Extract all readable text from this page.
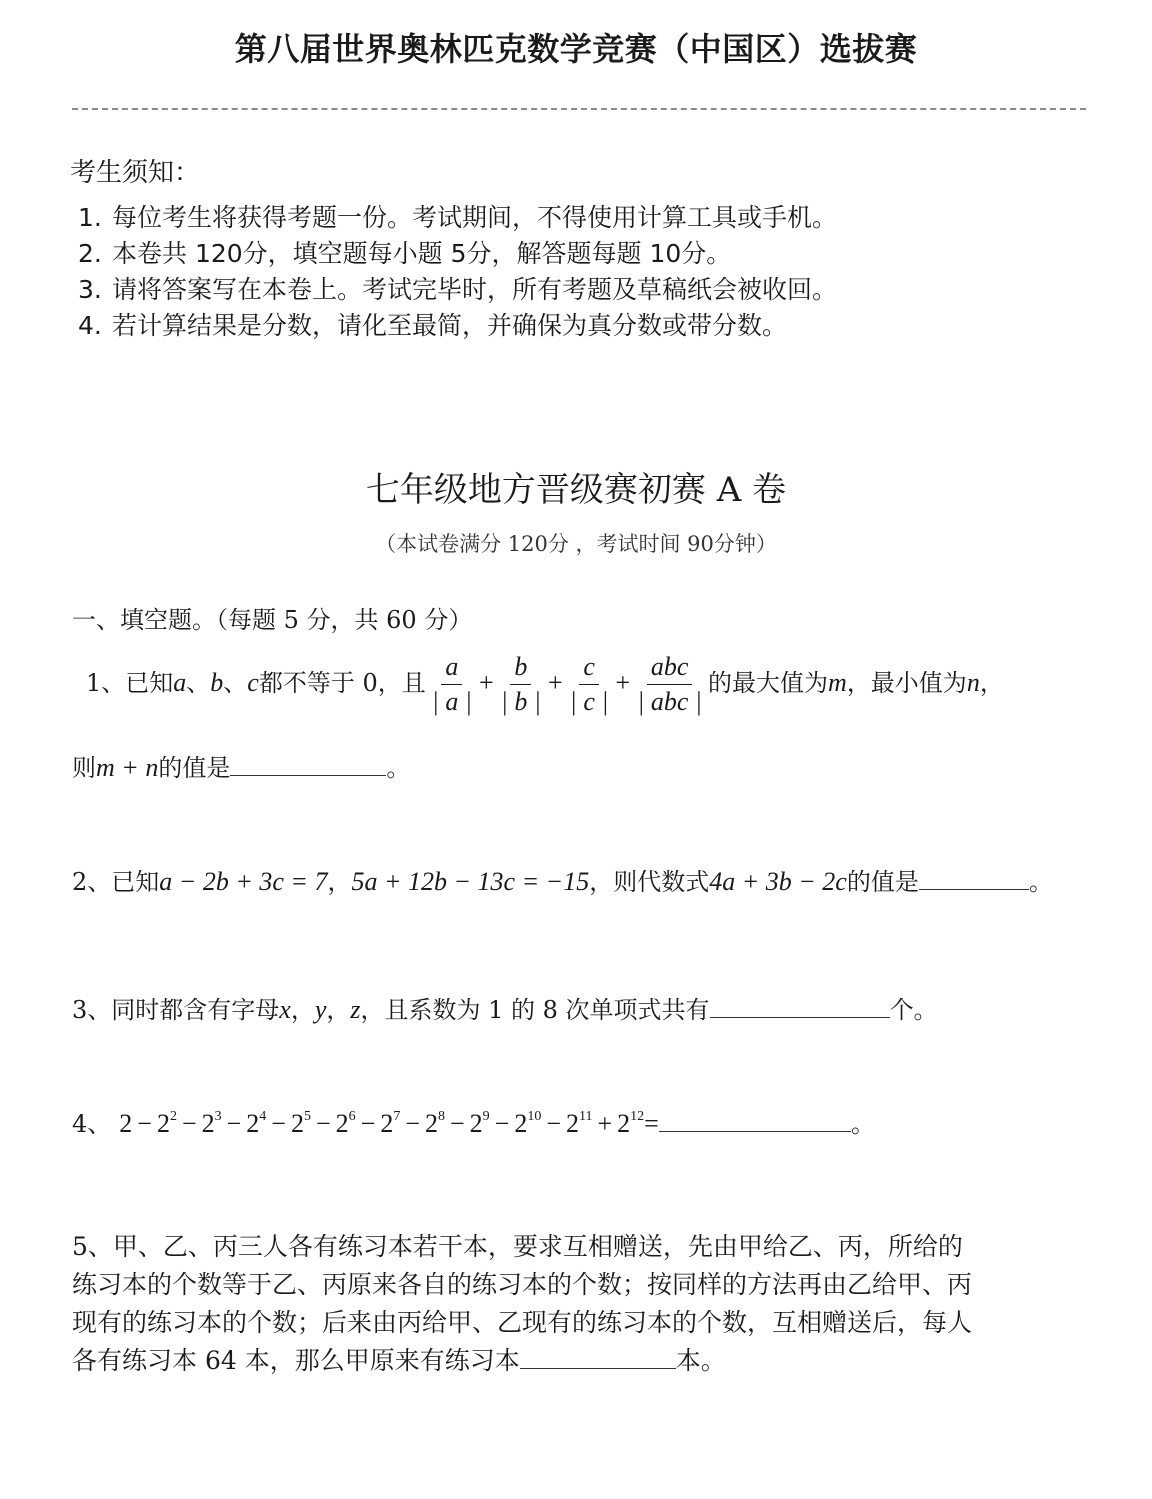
第八届世界奥林匹克数学竞赛（中国区）选拔赛
考生须知：
1. 每位考生将获得考题一份。考试期间，不得使用计算工具或手机。
2. 本卷共 120分，填空题每小题 5分，解答题每题 10分。
3. 请将答案写在本卷上。考试完毕时，所有考题及草稿纸会被收回。
4. 若计算结果是分数，请化至最简，并确保为真分数或带分数。
七年级地方晋级赛初赛 A 卷
（本试卷满分 120分 ，考试时间 90分钟）
一、填空题。（每题 5 分，共 60 分）
1、已知a、b、c都不等于 0，且 $\frac{a}{| a |} + \frac{b}{| b |} + \frac{c}{| c |} + \frac{\text{abc}}{\text{| abc |}}$ 的最大值为m，最小值为n，
则m + n的值是	。
2、已知a − 2b + 3c = 7，5a + 12b − 13c = −15，则代数式4a + 3b − 2c的值是	。
3、同时都含有字母x，y，z，且系数为 1 的 8 次单项式共有	个。
4、 $2 - 2^2 - 2^3 - 2^4 - 2^5 - 2^6 - 2^7 - 2^8 - 2^9 - 2^{10} - 2^{11} + 2^{12}=$	。
5、甲、乙、丙三人各有练习本若干本，要求互相赠送，先由甲给乙、丙，所给的
练习本的个数等于乙、丙原来各自的练习本的个数；按同样的方法再由乙给甲、丙
现有的练习本的个数；后来由丙给甲、乙现有的练习本的个数，互相赠送后，每人
各有练习本 64 本，那么甲原来有练习本	本。
